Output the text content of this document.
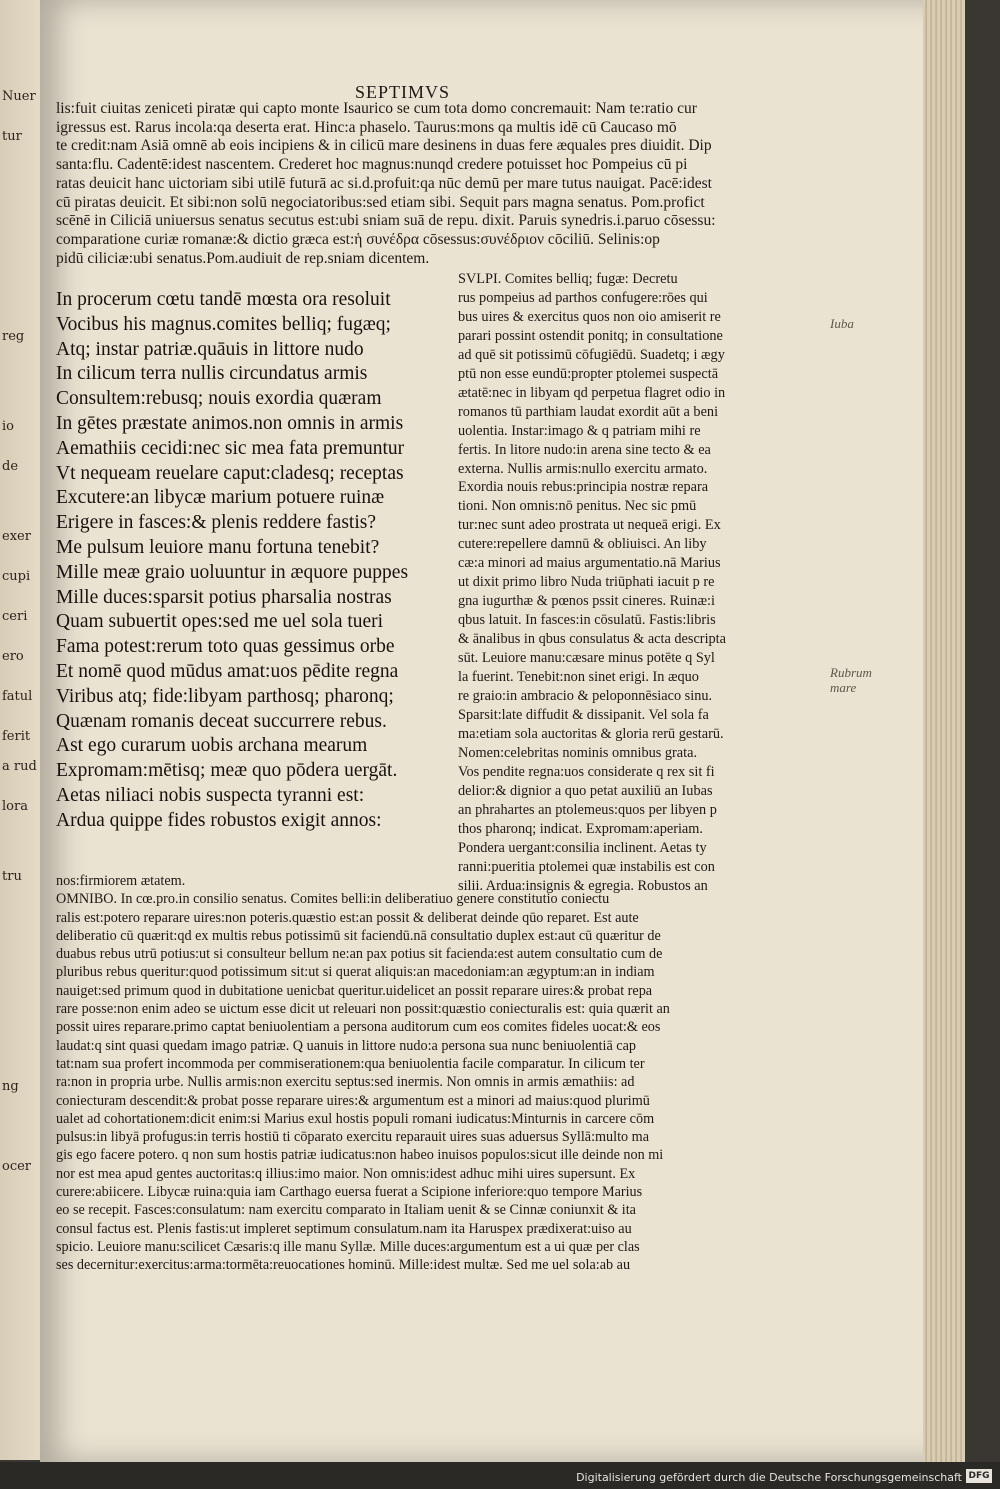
Nuer
tur
reg
io
de
exer
cupi
ceri
ero
fatul
ferit
a rud
lora
tru
ng
ocer
SEPTIMVS
lis:fuit ciuitas zeniceti piratæ qui capto monte Isaurico se cum tota domo concremauit: Nam te:ratio cur
igressus est. Rarus incola:qa deserta erat. Hinc:a phaselo. Taurus:mons qa multis idē cū Caucaso mō
te credit:nam Asiā omnē ab eois incipiens & in cilicū mare desinens in duas fere æquales pres diuidit. Dip
santa:flu. Cadentē:idest nascentem. Crederet hoc magnus:nunqd credere potuisset hoc Pompeius cū pi
ratas deuicit hanc uictoriam sibi utilē futurā ac si.d.profuit:qa nūc demū per mare tutus nauigat. Pacē:idest
cū piratas deuicit. Et sibi:non solū negociatoribus:sed etiam sibi. Sequit pars magna senatus. Pom.profict
scēnē in Ciliciā uniuersus senatus secutus est:ubi sniam suā de repu. dixit. Paruis synedris.i.paruo cōsessu:
comparatione curiæ romanæ:& dictio græca est:ἡ συνέδρα cōsessus:συνέδριον cōciliū. Selinis:op
pidū ciliciæ:ubi senatus.Pom.audiuit de rep.sniam dicentem.
In procerum cœtu tandē mœsta ora resoluit
Vocibus his magnus.comites belliq; fugæq;
Atq; instar patriæ.quāuis in littore nudo
In cilicum terra nullis circundatus armis
Consultem:rebusq; nouis exordia quæram
In gētes præstate animos.non omnis in armis
Aemathiis cecidi:nec sic mea fata premuntur
Vt nequeam reuelare caput:cladesq; receptas
Excutere:an libycæ marium potuere ruinæ
Erigere in fasces:& plenis reddere fastis?
Me pulsum leuiore manu fortuna tenebit?
Mille meæ graio uoluuntur in æquore puppes
Mille duces:sparsit potius pharsalia nostras
Quam subuertit opes:sed me uel sola tueri
Fama potest:rerum toto quas gessimus orbe
Et nomē quod mūdus amat:uos pēdite regna
Viribus atq; fide:libyam parthosq; pharonq;
Quænam romanis deceat succurrere rebus.
Ast ego curarum uobis archana mearum
Expromam:mētisq; meæ quo pōdera uergāt.
Aetas niliaci nobis suspecta tyranni est:
Ardua quippe fides robustos exigit annos:
SVLPI. Comites belliq; fugæ: Decretu
rus pompeius ad parthos confugere:rōes qui
bus uires & exercitus quos non oio amiserit re
parari possint ostendit ponitq; in consultatione
ad quē sit potissimū cōfugiēdū. Suadetq; i ægy
ptū non esse eundū:propter ptolemei suspectā
ætatē:nec in libyam qd perpetua flagret odio in
romanos tū parthiam laudat exordit aūt a beni
uolentia. Instar:imago & q patriam mihi re
fertis. In litore nudo:in arena sine tecto & ea
externa. Nullis armis:nullo exercitu armato.
Exordia nouis rebus:principia nostræ repara
tioni. Non omnis:nō penitus. Nec sic pmū
tur:nec sunt adeo prostrata ut nequeā erigi. Ex
cutere:repellere damnū & obliuisci. An liby
cæ:a minori ad maius argumentatio.nā Marius
ut dixit primo libro Nuda triūphati iacuit p re
gna iugurthæ & pœnos pssit cineres. Ruinæ:i
qbus latuit. In fasces:in cōsulatū. Fastis:libris
& ānalibus in qbus consulatus & acta descripta
sūt. Leuiore manu:cæsare minus potēte q Syl
la fuerint. Tenebit:non sinet erigi. In æquo
re graio:in ambracio & peloponnēsiaco sinu.
Sparsit:late diffudit & dissipanit. Vel sola fa
ma:etiam sola auctoritas & gloria rerū gestarū.
Nomen:celebritas nominis omnibus grata.
Vos pendite regna:uos considerate q rex sit fi
delior:& dignior a quo petat auxiliū an Iubas
an phrahartes an ptolemeus:quos per libyen p
thos pharonq; indicat. Expromam:aperiam.
Pondera uergant:consilia inclinent. Aetas ty
ranni:pueritia ptolemei quæ instabilis est con
silii. Ardua:insignis & egregia. Robustos an
nos:firmiorem ætatem.
OMNIBO. In cœ.pro.in consilio senatus. Comites belli:in deliberatiuo genere constitutio coniectu
ralis est:potero reparare uires:non poteris.quæstio est:an possit & deliberat deinde qūo reparet. Est aute
deliberatio cū quærit:qd ex multis rebus potissimū sit faciendū.nā consultatio duplex est:aut cū quæritur de
duabus rebus utrū potius:ut si consulteur bellum ne:an pax potius sit facienda:est autem consultatio cum de
pluribus rebus queritur:quod potissimum sit:ut si querat aliquis:an macedoniam:an ægyptum:an in indiam
nauiget:sed primum quod in dubitatione uenicbat queritur.uidelicet an possit reparare uires:& probat repa
rare posse:non enim adeo se uictum esse dicit ut releuari non possit:quæstio coniecturalis est: quia quærit an
possit uires reparare.primo captat beniuolentiam a persona auditorum cum eos comites fideles uocat:& eos
laudat:q sint quasi quedam imago patriæ. Q uanuis in littore nudo:a persona sua nunc beniuolentiā cap
tat:nam sua profert incommoda per commiserationem:qua beniuolentia facile comparatur. In cilicum ter
ra:non in propria urbe. Nullis armis:non exercitu septus:sed inermis. Non omnis in armis æmathiis: ad
coniecturam descendit:& probat posse reparare uires:& argumentum est a minori ad maius:quod plurimū
ualet ad cohortationem:dicit enim:si Marius exul hostis populi romani iudicatus:Minturnis in carcere cōm
pulsus:in libyā profugus:in terris hostiū ti cōparato exercitu reparauit uires suas aduersus Syllā:multo ma
gis ego facere potero. q non sum hostis patriæ iudicatus:non habeo inuisos populos:sicut ille deinde non mi
nor est mea apud gentes auctoritas:q illius:imo maior. Non omnis:idest adhuc mihi uires supersunt. Ex
curere:abiicere. Libycæ ruina:quia iam Carthago euersa fuerat a Scipione inferiore:quo tempore Marius
eo se recepit. Fasces:consulatum: nam exercitu comparato in Italiam uenit & se Cinnæ coniunxit & ita
consul factus est. Plenis fastis:ut impleret septimum consulatum.nam ita Haruspex prædixerat:uiso au
spicio. Leuiore manu:scilicet Cæsaris:q ille manu Syllæ. Mille duces:argumentum est a ui quæ per clas
ses decernitur:exercitus:arma:tormēta:reuocationes hominū. Mille:idest multæ. Sed me uel sola:ab au
Iuba
Rubrum mare
Digitalisierung gefördert durch die Deutsche Forschungsgemeinschaft DFG
